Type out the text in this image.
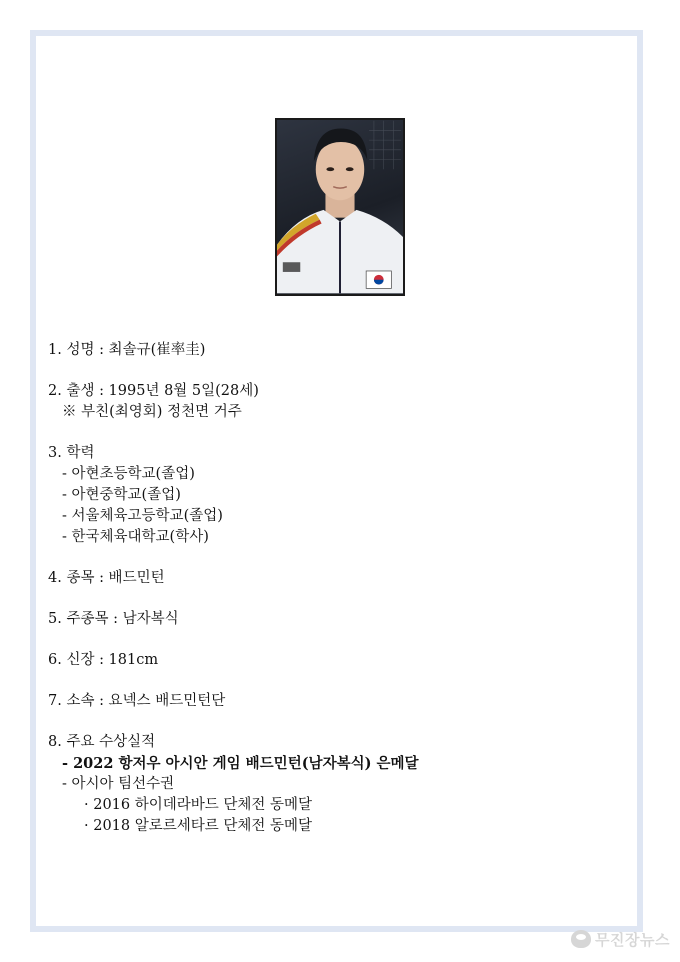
1. 성명 : 최솔규(崔率圭)
2. 출생 : 1995년 8월 5일(28세)
※ 부친(최영회) 정천면 거주
3. 학력
- 아현초등학교(졸업)
- 아현중학교(졸업)
- 서울체육고등학교(졸업)
- 한국체육대학교(학사)
4. 종목 : 배드민턴
5. 주종목 : 남자복식
6. 신장 : 181cm
7. 소속 : 요넥스 배드민턴단
8. 주요 수상실적
- 2022 항저우 아시안 게임 배드민턴(남자복식) 은메달
- 아시아 팀선수권
· 2016 하이데라바드 단체전 동메달
· 2018 알로르세타르 단체전 동메달
무진장뉴스
